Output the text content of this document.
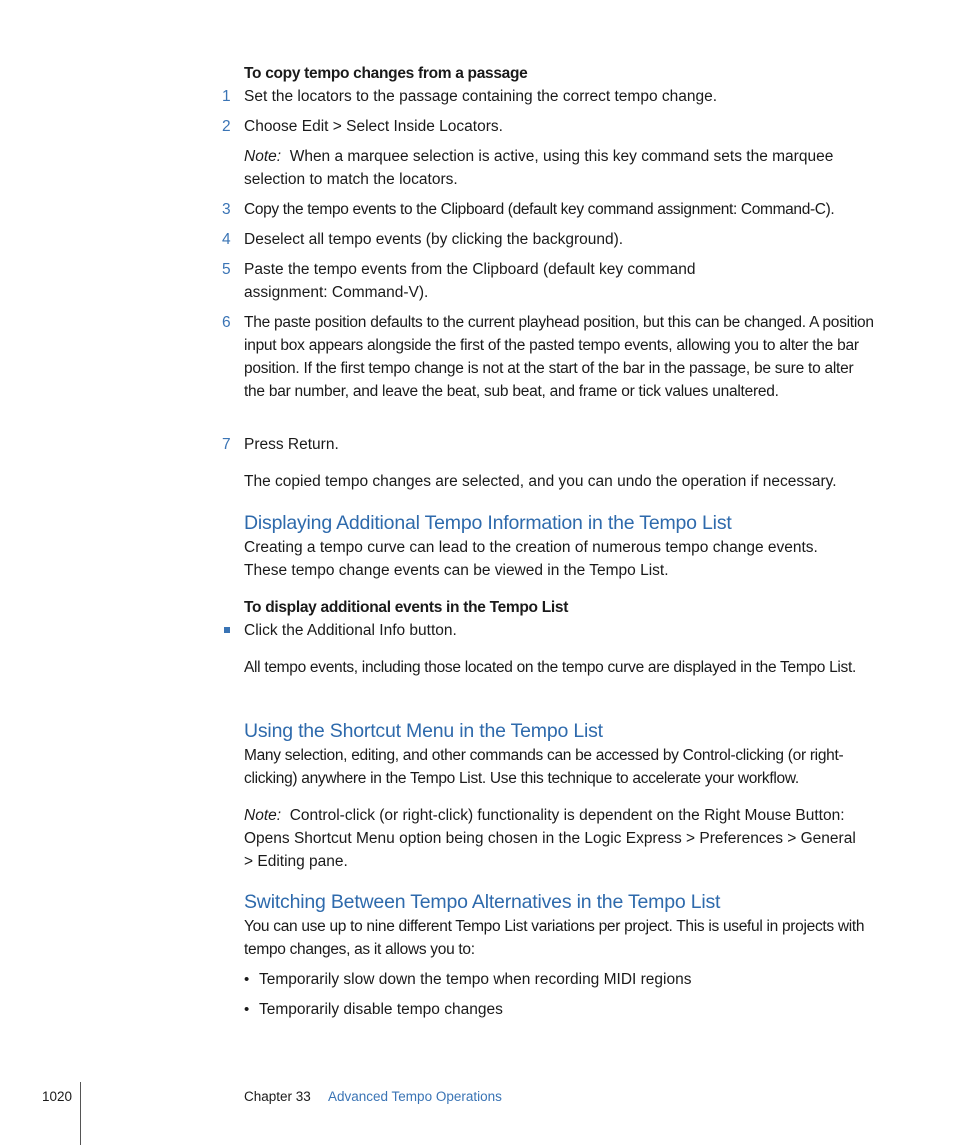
To copy tempo changes from a passage
1 Set the locators to the passage containing the correct tempo change.
2 Choose Edit > Select Inside Locators.
Note: When a marquee selection is active, using this key command sets the marquee selection to match the locators.
3 Copy the tempo events to the Clipboard (default key command assignment: Command-C).
4 Deselect all tempo events (by clicking the background).
5 Paste the tempo events from the Clipboard (default key command assignment: Command-V).
6 The paste position defaults to the current playhead position, but this can be changed. A position input box appears alongside the first of the pasted tempo events, allowing you to alter the bar position. If the first tempo change is not at the start of the bar in the passage, be sure to alter the bar number, and leave the beat, sub beat, and frame or tick values unaltered.
7 Press Return.
The copied tempo changes are selected, and you can undo the operation if necessary.
Displaying Additional Tempo Information in the Tempo List
Creating a tempo curve can lead to the creation of numerous tempo change events. These tempo change events can be viewed in the Tempo List.
To display additional events in the Tempo List
Click the Additional Info button.
All tempo events, including those located on the tempo curve are displayed in the Tempo List.
Using the Shortcut Menu in the Tempo List
Many selection, editing, and other commands can be accessed by Control-clicking (or right-clicking) anywhere in the Tempo List. Use this technique to accelerate your workflow.
Note: Control-click (or right-click) functionality is dependent on the Right Mouse Button: Opens Shortcut Menu option being chosen in the Logic Express > Preferences > General > Editing pane.
Switching Between Tempo Alternatives in the Tempo List
You can use up to nine different Tempo List variations per project. This is useful in projects with tempo changes, as it allows you to:
• Temporarily slow down the tempo when recording MIDI regions
• Temporarily disable tempo changes
1020	Chapter 33 Advanced Tempo Operations
